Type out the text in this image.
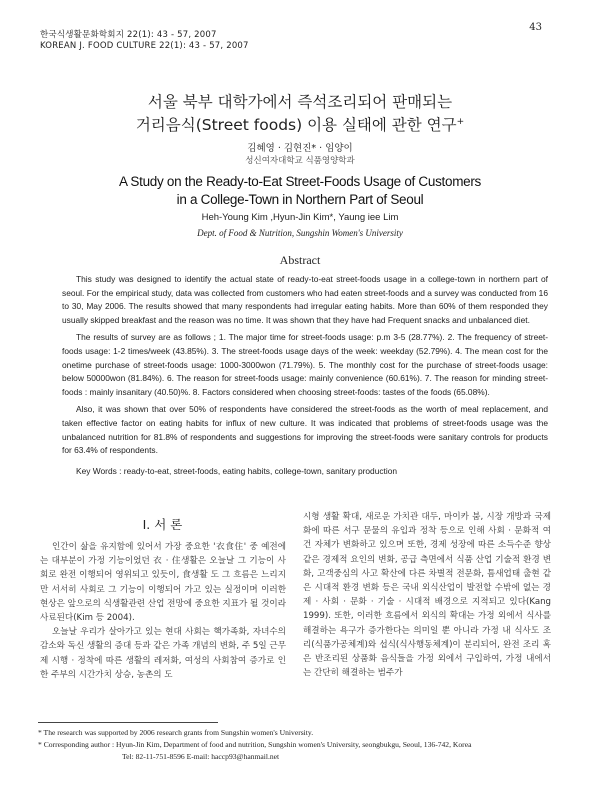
한국식생활문화학회지 22(1): 43 - 57, 2007
KOREAN J. FOOD CULTURE 22(1): 43 - 57, 2007
43
서울 북부 대학가에서 즉석조리되어 판매되는
거리음식(Street foods) 이용 실태에 관한 연구+
김혜영 · 김현진* · 임양이
성신여자대학교 식품영양학과
A Study on the Ready-to-Eat Street-Foods Usage of Customers
in a College-Town in Northern Part of Seoul
Heh-Young Kim ,Hyun-Jin Kim*, Yaung iee Lim
Dept. of Food & Nutrition, Sungshin Women's University
Abstract

This study was designed to identify the actual state of ready-to-eat street-foods usage in a college-town in northern part of seoul. For the empirical study, data was collected from customers who had eaten street-foods and a survey was conducted from 16 to 30, May 2006. The results showed that many respondents had irregular eating habits. More than 60% of them responded they usually skipped breakfast and the reason was no time. It was shown that they have had Frequent snacks and unbalanced diet.

The results of survey are as follows ; 1. The major time for street-foods usage: p.m 3-5 (28.77%). 2. The frequency of street-foods usage: 1-2 times/week (43.85%). 3. The street-foods usage days of the week: weekday (52.79%). 4. The mean cost for the onetime purchase of street-foods usage: 1000-3000won (71.79%). 5. The monthly cost for the purchase of street-foods usage: below 50000won (81.84%). 6. The reason for street-foods usage: mainly convenience (60.61%). 7. The reason for minding street-foods : mainly insanitary (40.50)%. 8. Factors considered when choosing street-foods: tastes of the foods (65.08%).

Also, it was shown that over 50% of respondents have considered the street-foods as the worth of meal replacement, and taken effective factor on eating habits for influx of new culture. It was indicated that problems of street-foods usage was the unbalanced nutrition for 81.8% of respondents and suggestions for improving the street-foods were sanitary controls for products for 63.4% of respondents.

Key Words : ready-to-eat, street-foods, eating habits, college-town, sanitary production
I. 서 론

인간이 삶을 유지함에 있어서 가장 중요한 '衣食住' 중 예전에는 대부분이 가정 기능이었던 衣 · 住생활은 오늘날 그 기능이 사회로 완전 이행되어 영위되고 있듯이, 食생활 도 그 흐름은 느리지만 서서히 사회로 그 기능이 이행되어 가고 있는 실정이며 이러한 현상은 앞으로의 식생활관련 산업 전망에 중요한 지표가 될 것이라 사료된다(Kim 등 2004).

오늘날 우리가 살아가고 있는 현대 사회는 핵가족화, 자녀수의 감소와 독신 생활의 증대 등과 같은 가족 개념의 변화, 주 5일 근무제 시행 · 정착에 따른 생활의 레저화, 여성의 사회참여 증가로 인한 주부의 시간가치 상승, 농촌의 도

시형 생활 확대, 새로운 가치관 대두, 마이카 붐, 시장 개방과 국제화에 따른 서구 문물의 유입과 정착 등으로 인해 사회 · 문화적 여건 자체가 변화하고 있으며 또한, 경제 성장에 따른 소득수준 향상 같은 경제적 요인의 변화, 공급 측면에서 식품 산업 기술적 환경 변화, 고객중심의 사고 확산에 다른 차별적 전문화, 틈새업태 출현 같은 시대적 환경 변화 등은 국내 외식산업이 발전할 수밖에 없는 경제 · 사회 · 문화 · 기술 · 시대적 배경으로 지적되고 있다(Kang 1999). 또한, 이러한 흐름에서 외식의 확대는 가정 외에서 식사를 해결하는 욕구가 증가한다는 의미일 뿐 아니라 가정 내 식사도 조리(식품가공체계)와 섭식(식사행동체계)이 분리되어, 완전 조리 혹은 반조리된 상품화 음식들을 가정 외에서 구입하여, 가정 내에서는 간단히 해결하는 범주가

* The research was supported by 2006 research grants from Sungshin women's University.
* Corresponding author : Hyun-Jin Kim, Department of food and nutrition, Sungshin women's University, seongbukgu, Seoul, 136-742, Korea
Tel: 82-11-751-8596 E-mail: haccp93@hanmail.net
